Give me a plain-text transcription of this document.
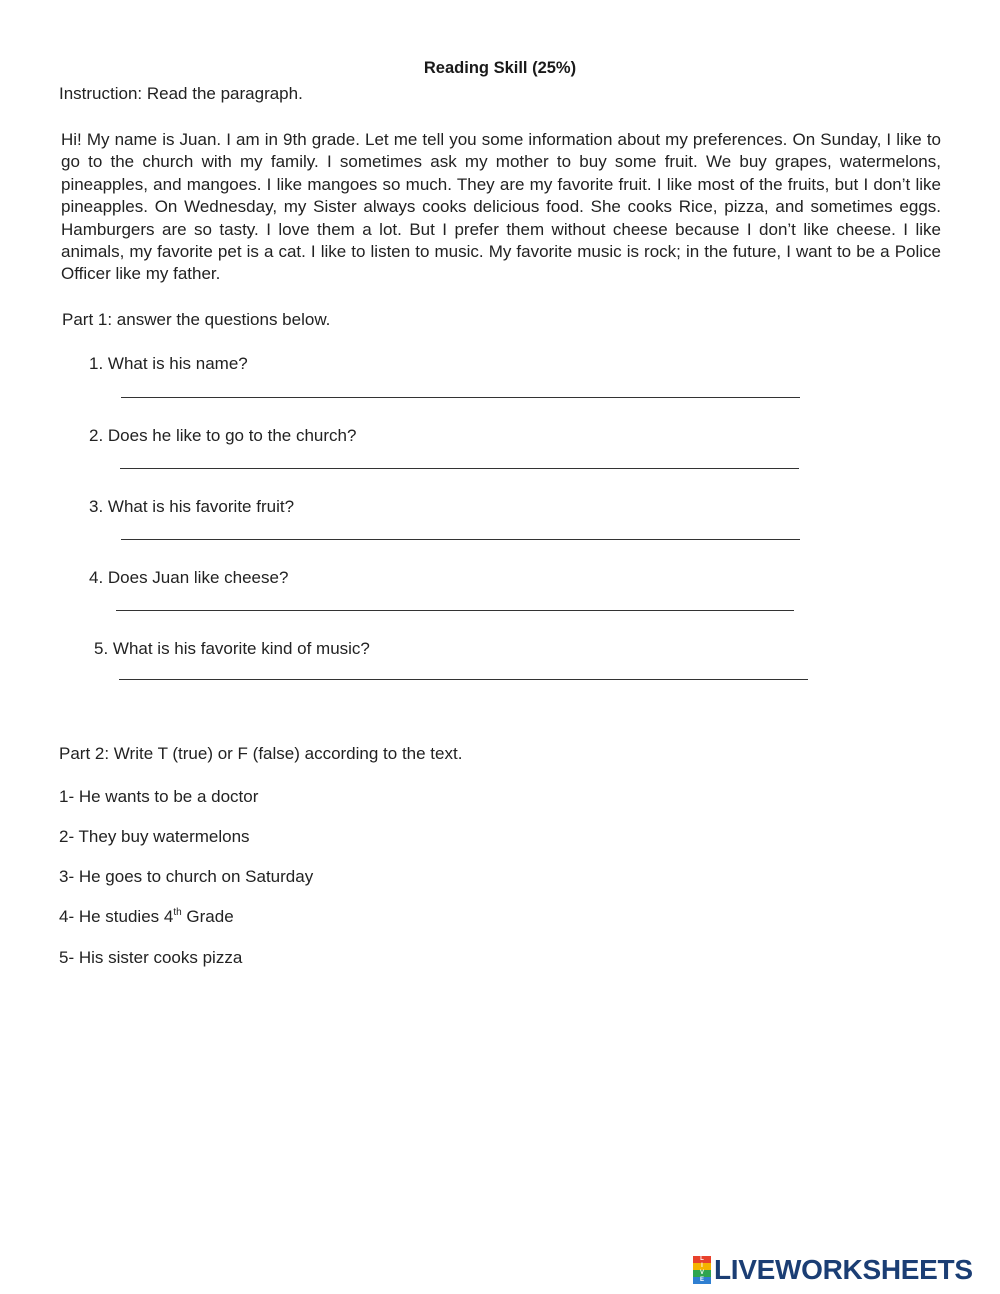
Reading Skill (25%)
Instruction: Read the paragraph.
Hi! My name is Juan. I am in 9th grade. Let me tell you some information about my preferences. On Sunday, I like to go to the church with my family. I sometimes ask my mother to buy some fruit. We buy grapes, watermelons, pineapples, and mangoes. I like mangoes so much. They are my favorite fruit. I like most of the fruits, but I don’t like pineapples. On Wednesday, my Sister always cooks delicious food. She cooks Rice, pizza, and sometimes eggs. Hamburgers are so tasty. I love them a lot. But I prefer them without cheese because I don’t like cheese. I like animals, my favorite pet is a cat. I like to listen to music. My favorite music is rock; in the future, I want to be a Police Officer like my father.
Part 1: answer the questions below.
1. What is his name?
2. Does he like to go to the church?
3. What is his favorite fruit?
4. Does Juan like cheese?
5. What is his favorite kind of music?
Part 2: Write T (true) or F (false) according to the text.
1- He wants to be a doctor
2- They buy watermelons
3- He goes to church on Saturday
4- He studies 4th Grade
5- His sister cooks pizza
L
I
V
E LIVEWORKSHEETS
